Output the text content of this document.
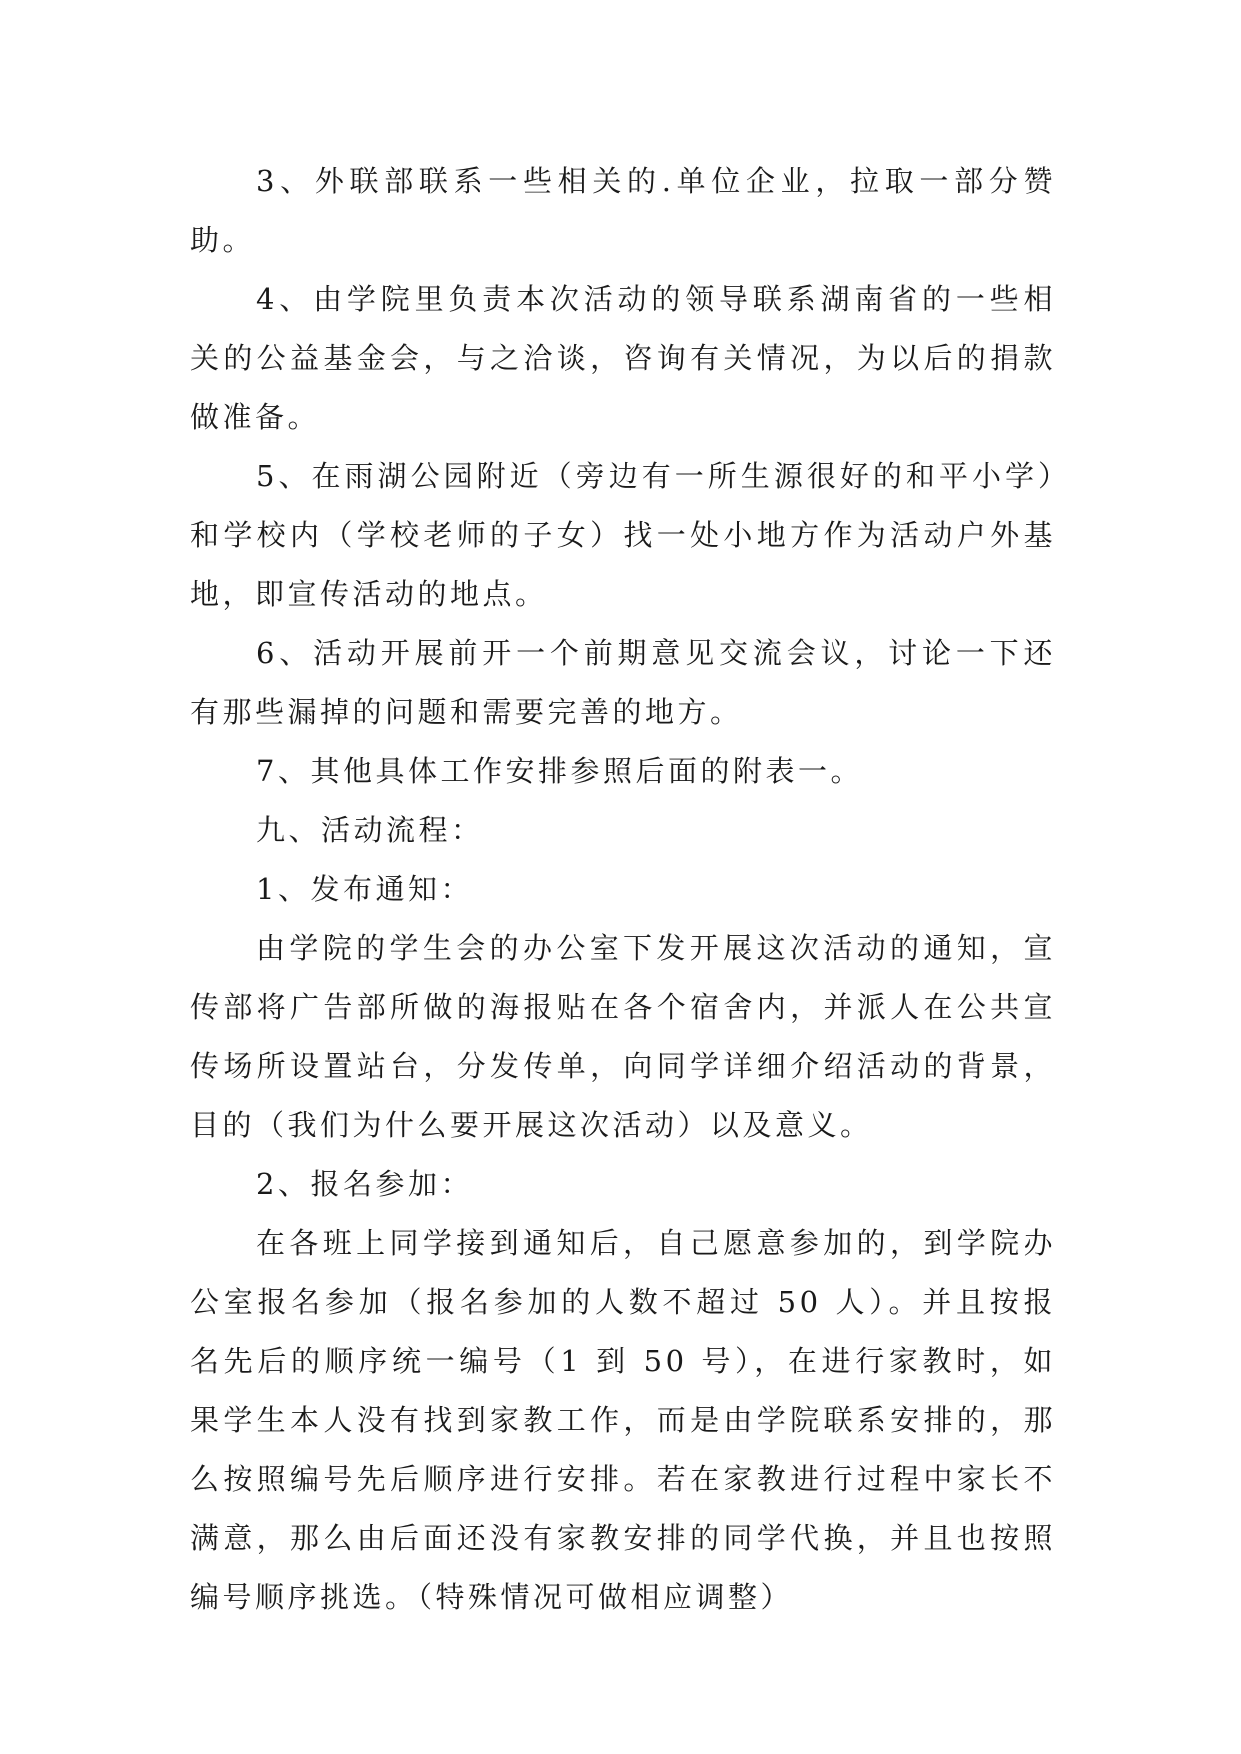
3、外联部联系一些相关的.单位企业，拉取一部分赞助。

4、由学院里负责本次活动的领导联系湖南省的一些相关的公益基金会，与之洽谈，咨询有关情况，为以后的捐款做准备。

5、在雨湖公园附近（旁边有一所生源很好的和平小学）和学校内（学校老师的子女）找一处小地方作为活动户外基地，即宣传活动的地点。

6、活动开展前开一个前期意见交流会议，讨论一下还有那些漏掉的问题和需要完善的地方。

7、其他具体工作安排参照后面的附表一。

九、活动流程：

1、发布通知：

由学院的学生会的办公室下发开展这次活动的通知，宣传部将广告部所做的海报贴在各个宿舍内，并派人在公共宣传场所设置站台，分发传单，向同学详细介绍活动的背景，目的（我们为什么要开展这次活动）以及意义。

2、报名参加：

在各班上同学接到通知后，自己愿意参加的，到学院办公室报名参加（报名参加的人数不超过 50 人）。并且按报名先后的顺序统一编号（1 到 50 号），在进行家教时，如果学生本人没有找到家教工作，而是由学院联系安排的，那么按照编号先后顺序进行安排。若在家教进行过程中家长不满意，那么由后面还没有家教安排的同学代换，并且也按照编号顺序挑选。（特殊情况可做相应调整）
